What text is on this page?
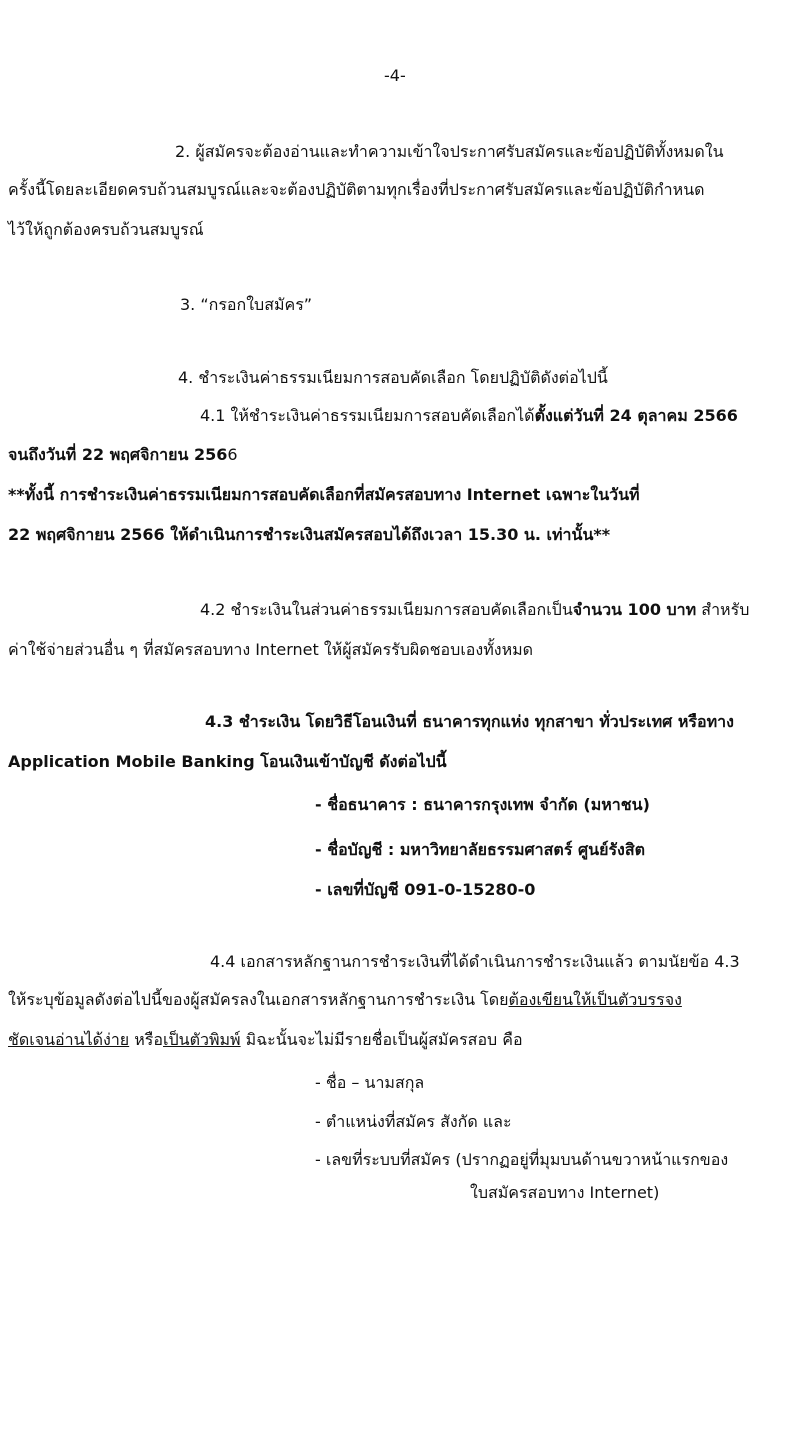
-4-
2. ผู้สมัครจะต้องอ่านและทำความเข้าใจประกาศรับสมัครและข้อปฏิบัติทั้งหมดใน
ครั้งนี้โดยละเอียดครบถ้วนสมบูรณ์และจะต้องปฏิบัติตามทุกเรื่องที่ประกาศรับสมัครและข้อปฏิบัติกำหนด
ไว้ให้ถูกต้องครบถ้วนสมบูรณ์
3. “กรอกใบสมัคร”
4. ชำระเงินค่าธรรมเนียมการสอบคัดเลือก โดยปฏิบัติดังต่อไปนี้
4.1 ให้ชำระเงินค่าธรรมเนียมการสอบคัดเลือกได้ตั้งแต่วันที่ 24 ตุลาคม 2566
จนถึงวันที่ 22 พฤศจิกายน 2566
**ทั้งนี้ การชำระเงินค่าธรรมเนียมการสอบคัดเลือกที่สมัครสอบทาง Internet เฉพาะในวันที่
22 พฤศจิกายน 2566 ให้ดำเนินการชำระเงินสมัครสอบได้ถึงเวลา 15.30 น. เท่านั้น**
4.2 ชำระเงินในส่วนค่าธรรมเนียมการสอบคัดเลือกเป็นจำนวน 100 บาท สำหรับ
ค่าใช้จ่ายส่วนอื่น ๆ ที่สมัครสอบทาง Internet ให้ผู้สมัครรับผิดชอบเองทั้งหมด
4.3 ชำระเงิน โดยวิธีโอนเงินที่ ธนาคารทุกแห่ง ทุกสาขา ทั่วประเทศ หรือทาง
Application Mobile Banking โอนเงินเข้าบัญชี ดังต่อไปนี้
- ชื่อธนาคาร : ธนาคารกรุงเทพ จำกัด (มหาชน)
- ชื่อบัญชี : มหาวิทยาลัยธรรมศาสตร์ ศูนย์รังสิต
- เลขที่บัญชี 091-0-15280-0
4.4 เอกสารหลักฐานการชำระเงินที่ได้ดำเนินการชำระเงินแล้ว ตามนัยข้อ 4.3
ให้ระบุข้อมูลดังต่อไปนี้ของผู้สมัครลงในเอกสารหลักฐานการชำระเงิน โดยต้องเขียนให้เป็นตัวบรรจง
ชัดเจนอ่านได้ง่าย หรือเป็นตัวพิมพ์ มิฉะนั้นจะไม่มีรายชื่อเป็นผู้สมัครสอบ คือ
- ชื่อ – นามสกุล
- ตำแหน่งที่สมัคร สังกัด และ
- เลขที่ระบบที่สมัคร (ปรากฏอยู่ที่มุมบนด้านขวาหน้าแรกของ
ใบสมัครสอบทาง Internet)
